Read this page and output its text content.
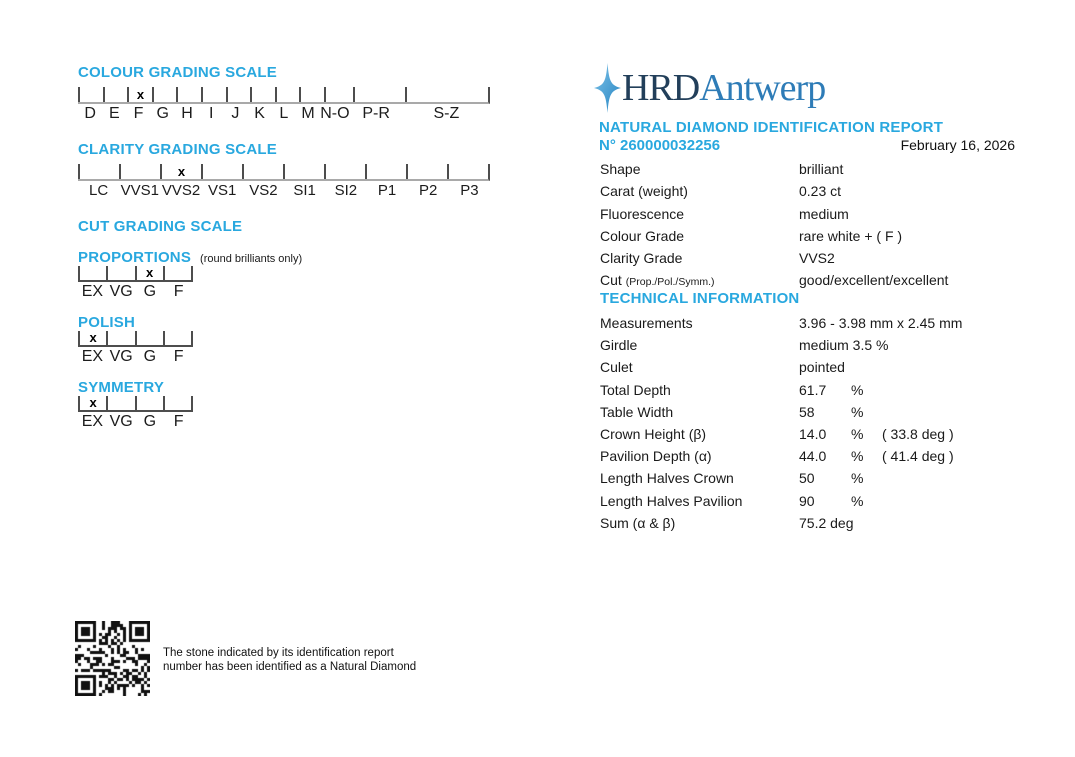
COLOUR GRADING SCALE
x
D E F G H	I	J K L M N-O P-R	S-Z
CLARITY GRADING SCALE
x
LC VVS1 VVS2 VS1 VS2	SI1	SI2	P1	P2	P3
CUT GRADING SCALE
PROPORTIONS (round brilliants only)
x
EX VG G	F
POLISH
x
EX VG G	F
SYMMETRY
x
EX VG G	F
HRD Antwerp
NATURAL DIAMOND IDENTIFICATION REPORT
N° 260000032256	February 16, 2026
Shape	brilliant
Carat (weight)	0.23 ct
Fluorescence	medium
Colour Grade	rare white + ( F )
Clarity Grade	VVS2
Cut (Prop./Pol./Symm.)	good/excellent/excellent
TECHNICAL INFORMATION
Measurements	3.96 - 3.98 mm x 2.45 mm
Girdle	medium 3.5 %
Culet	pointed
Total Depth	61.7	%
Table Width	58	%
Crown Height (β)	14.0	%	( 33.8 deg )
Pavilion Depth (α)	44.0	%	( 41.4 deg )
Length Halves Crown	50	%
Length Halves Pavilion	90	%
Sum (α & β)	75.2 deg
The stone indicated by its identification report
number has been identified as a Natural Diamond
